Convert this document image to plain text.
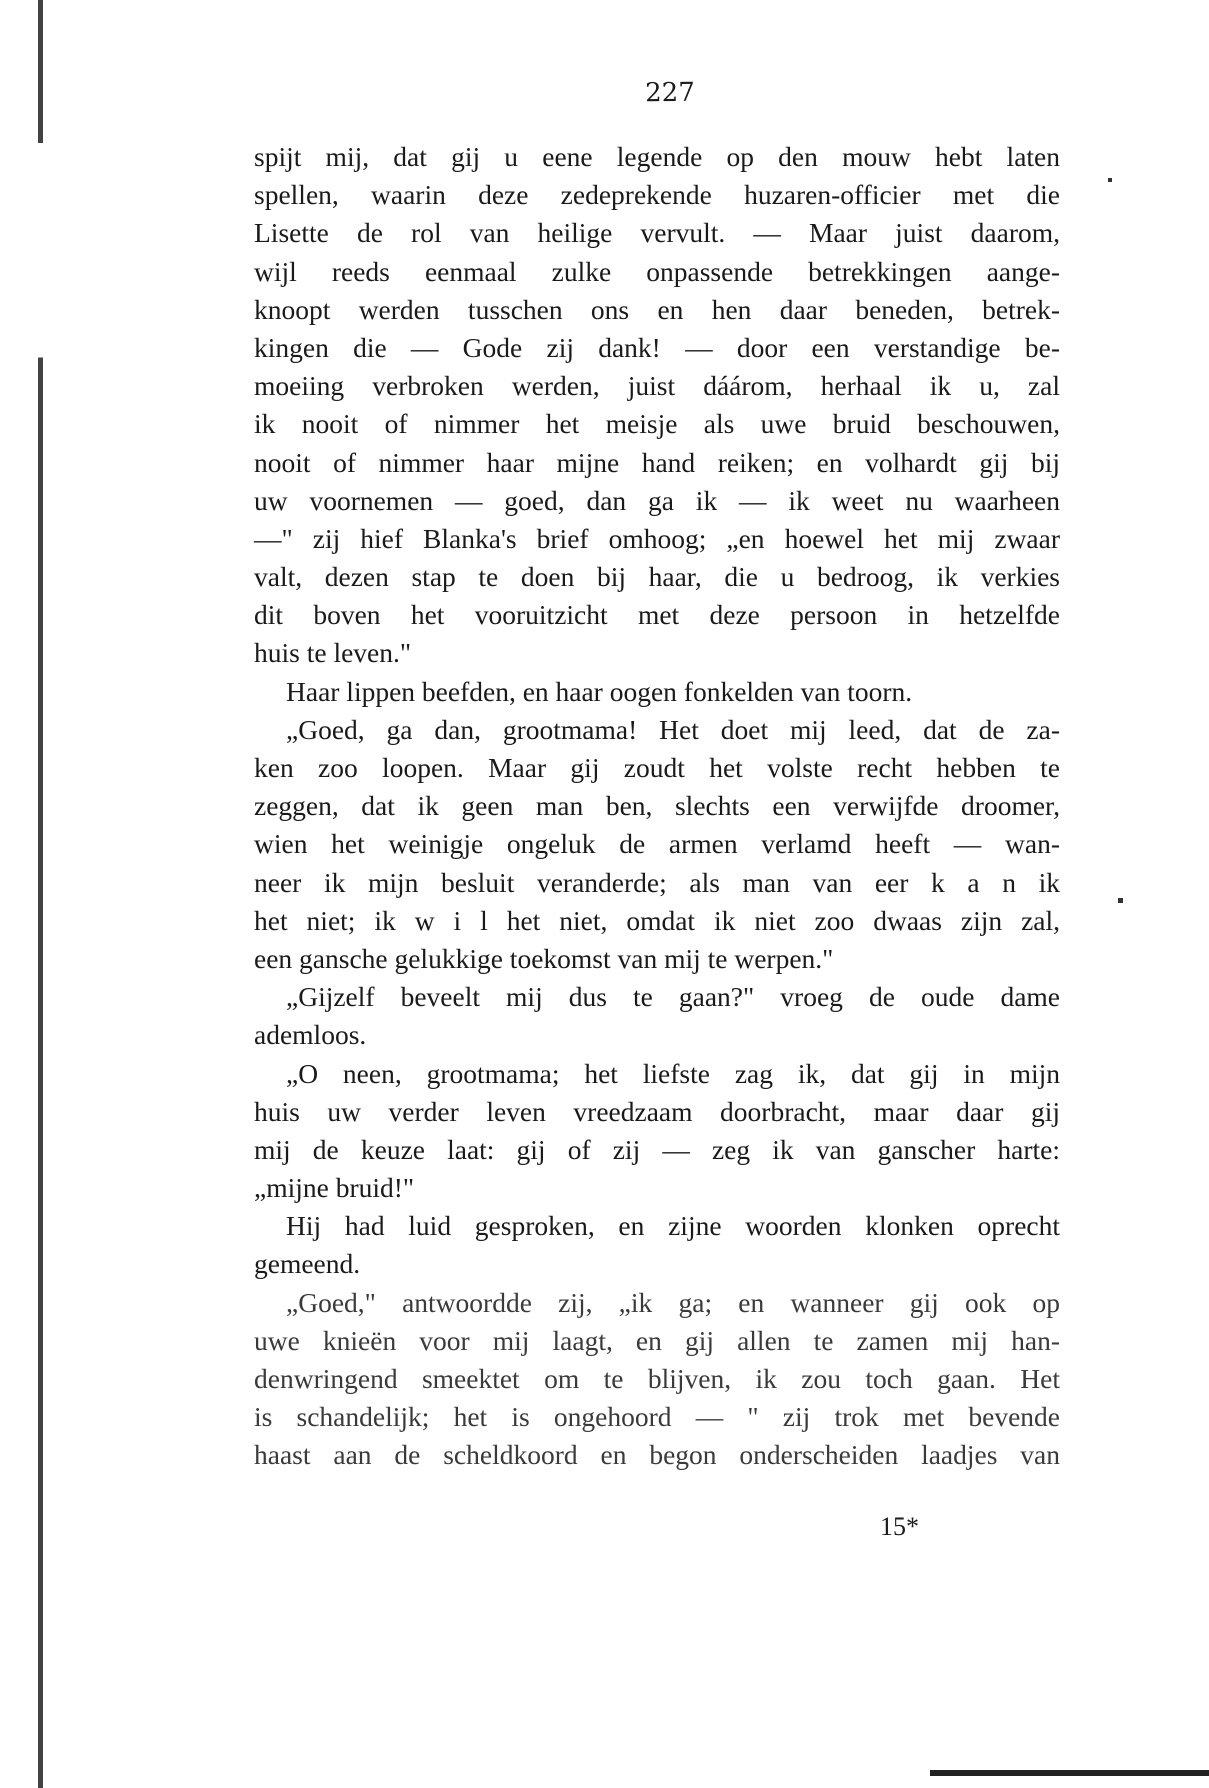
227
spijt mij, dat gij u eene legende op den mouw hebt laten
spellen, waarin deze zedeprekende huzaren-officier met die
Lisette de rol van heilige vervult. — Maar juist daarom,
wijl reeds eenmaal zulke onpassende betrekkingen aange-
knoopt werden tusschen ons en hen daar beneden, betrek-
kingen die — Gode zij dank! — door een verstandige be-
moeiing verbroken werden, juist dáárom, herhaal ik u, zal
ik nooit of nimmer het meisje als uwe bruid beschouwen,
nooit of nimmer haar mijne hand reiken; en volhardt gij bij
uw voornemen — goed, dan ga ik — ik weet nu waarheen
—" zij hief Blanka's brief omhoog; „en hoewel het mij zwaar
valt, dezen stap te doen bij haar, die u bedroog, ik verkies
dit boven het vooruitzicht met deze persoon in hetzelfde
huis te leven."
Haar lippen beefden, en haar oogen fonkelden van toorn.
„Goed, ga dan, grootmama! Het doet mij leed, dat de za-
ken zoo loopen. Maar gij zoudt het volste recht hebben te
zeggen, dat ik geen man ben, slechts een verwijfde droomer,
wien het weinigje ongeluk de armen verlamd heeft — wan-
neer ik mijn besluit veranderde; als man van eer k a n ik
het niet; ik w i l het niet, omdat ik niet zoo dwaas zijn zal,
een gansche gelukkige toekomst van mij te werpen."
„Gijzelf beveelt mij dus te gaan?" vroeg de oude dame
ademloos.
„O neen, grootmama; het liefste zag ik, dat gij in mijn
huis uw verder leven vreedzaam doorbracht, maar daar gij
mij de keuze laat: gij of zij — zeg ik van ganscher harte:
„mijne bruid!"
Hij had luid gesproken, en zijne woorden klonken oprecht
gemeend.
„Goed," antwoordde zij, „ik ga; en wanneer gij ook op
uwe knieën voor mij laagt, en gij allen te zamen mij han-
denwringend smeektet om te blijven, ik zou toch gaan. Het
is schandelijk; het is ongehoord — " zij trok met bevende
haast aan de scheldkoord en begon onderscheiden laadjes van
15*
